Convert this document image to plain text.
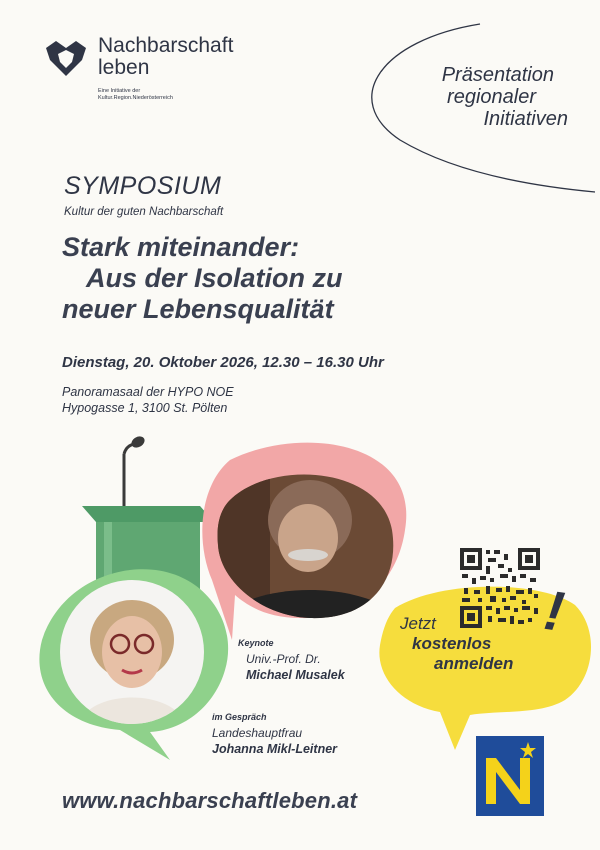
Nachbarschaft
leben
Eine Initiative der
Kultur.Region.Niederösterreich
Präsentation
regionaler
Initiativen
SYMPOSIUM
Kultur der guten Nachbarschaft
Stark miteinander:
Aus der Isolation zu
neuer Lebensqualität
Dienstag, 20. Oktober 2026, 12.30 – 16.30 Uhr
Panoramasaal der HYPO NOE
Hypogasse 1, 3100 St. Pölten
Keynote
Univ.-Prof. Dr.
Michael Musalek
im Gespräch
Landeshauptfrau
Johanna Mikl-Leitner
Jetzt
kostenlos
anmelden
!
www.nachbarschaftleben.at
